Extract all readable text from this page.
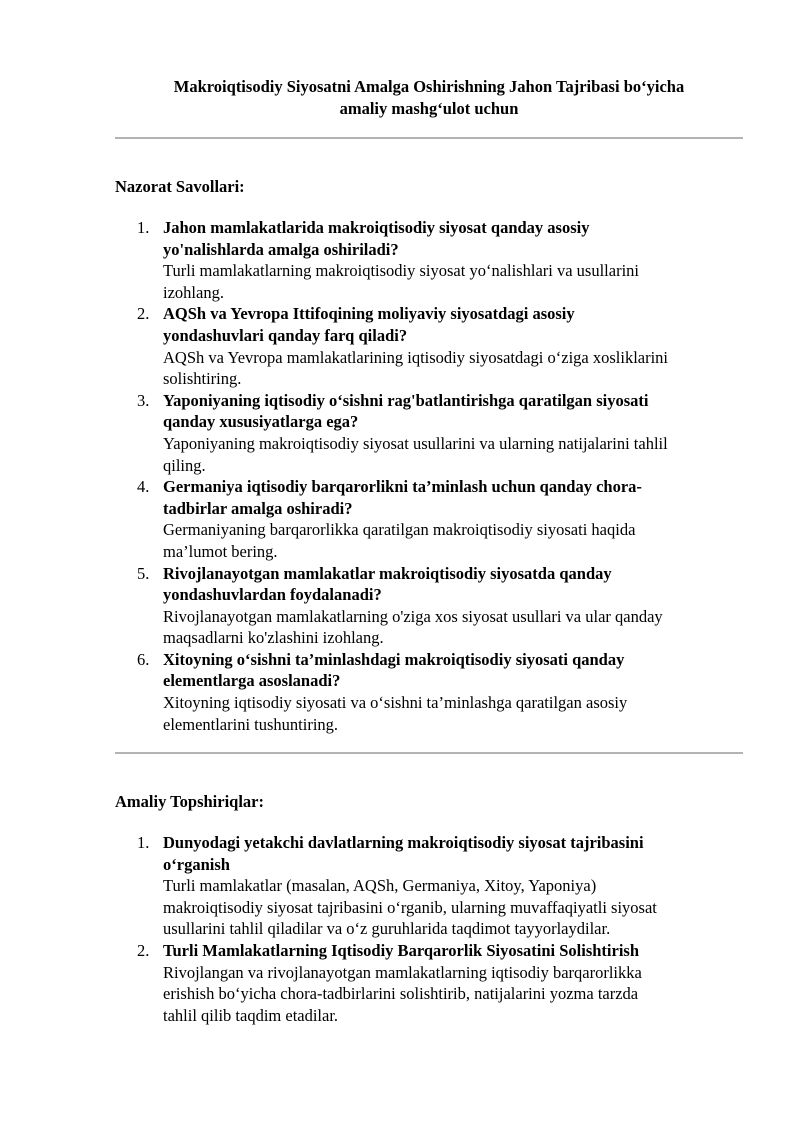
Makroiqtisodiy Siyosatni Amalga Oshirishning Jahon Tajribasi bo‘yicha
amaliy mashg‘ulot uchun
Nazorat Savollari:
1. Jahon mamlakatlarida makroiqtisodiy siyosat qanday asosiy
yo'nalishlarda amalga oshiriladi?
Turli mamlakatlarning makroiqtisodiy siyosat yo‘nalishlari va usullarini
izohlang.
2. AQSh va Yevropa Ittifoqining moliyaviy siyosatdagi asosiy
yondashuvlari qanday farq qiladi?
AQSh va Yevropa mamlakatlarining iqtisodiy siyosatdagi o‘ziga xosliklarini
solishtiring.
3. Yaponiyaning iqtisodiy o‘sishni rag'batlantirishga qaratilgan siyosati
qanday xususiyatlarga ega?
Yaponiyaning makroiqtisodiy siyosat usullarini va ularning natijalarini tahlil
qiling.
4. Germaniya iqtisodiy barqarorlikni ta’minlash uchun qanday chora-
tadbirlar amalga oshiradi?
Germaniyaning barqarorlikka qaratilgan makroiqtisodiy siyosati haqida
ma’lumot bering.
5. Rivojlanayotgan mamlakatlar makroiqtisodiy siyosatda qanday
yondashuvlardan foydalanadi?
Rivojlanayotgan mamlakatlarning o'ziga xos siyosat usullari va ular qanday
maqsadlarni ko'zlashini izohlang.
6. Xitoyning o‘sishni ta’minlashdagi makroiqtisodiy siyosati qanday
elementlarga asoslanadi?
Xitoyning iqtisodiy siyosati va o‘sishni ta’minlashga qaratilgan asosiy
elementlarini tushuntiring.
Amaliy Topshiriqlar:
1. Dunyodagi yetakchi davlatlarning makroiqtisodiy siyosat tajribasini
o‘rganish
Turli mamlakatlar (masalan, AQSh, Germaniya, Xitoy, Yaponiya)
makroiqtisodiy siyosat tajribasini o‘rganib, ularning muvaffaqiyatli siyosat
usullarini tahlil qiladilar va o‘z guruhlarida taqdimot tayyorlaydilar.
2. Turli Mamlakatlarning Iqtisodiy Barqarorlik Siyosatini Solishtirish
Rivojlangan va rivojlanayotgan mamlakatlarning iqtisodiy barqarorlikka
erishish bo‘yicha chora-tadbirlarini solishtirib, natijalarini yozma tarzda
tahlil qilib taqdim etadilar.
